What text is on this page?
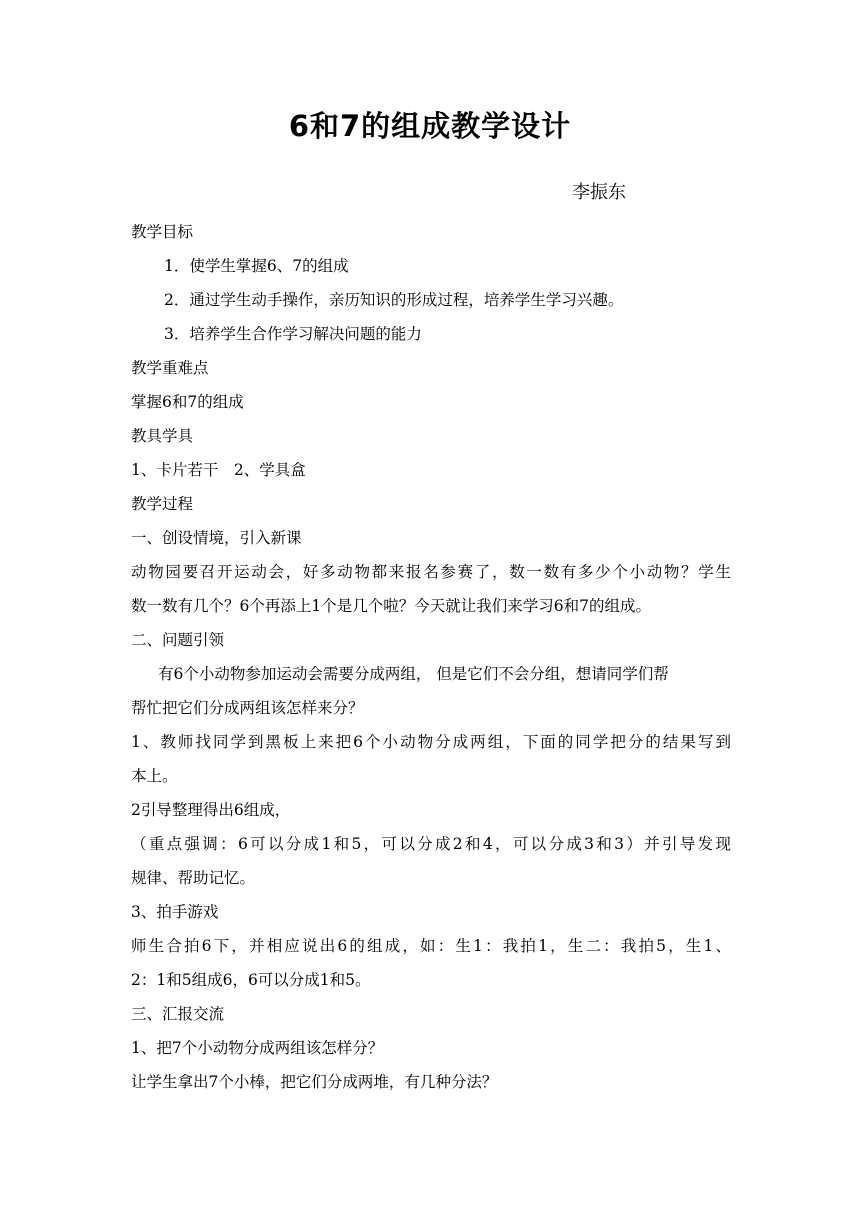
6和7的组成教学设计
李振东
教学目标
1．使学生掌握6、7的组成
2．通过学生动手操作，亲历知识的形成过程，培养学生学习兴趣。
3．培养学生合作学习解决问题的能力
教学重难点
掌握6和7的组成
教具学具
1、卡片若干　2、学具盒
教学过程
一、创设情境，引入新课
动物园要召开运动会，好多动物都来报名参赛了，数一数有多少个小动物？学生
数一数有几个？6个再添上1个是几个啦？今天就让我们来学习6和7的组成。
二、问题引领
有6个小动物参加运动会需要分成两组， 但是它们不会分组，想请同学们帮
帮忙把它们分成两组该怎样来分？
1、教师找同学到黑板上来把6个小动物分成两组，下面的同学把分的结果写到
本上。
2引导整理得出6组成，
（重点强调：6可以分成1和5，可以分成2和4，可以分成3和3）并引导发现
规律、帮助记忆。
3、拍手游戏
师生合拍6下，并相应说出6的组成，如：生1：我拍1，生二：我拍5，生1、
2：1和5组成6，6可以分成1和5。
三、汇报交流
1、把7个小动物分成两组该怎样分？
让学生拿出7个小棒，把它们分成两堆，有几种分法？
